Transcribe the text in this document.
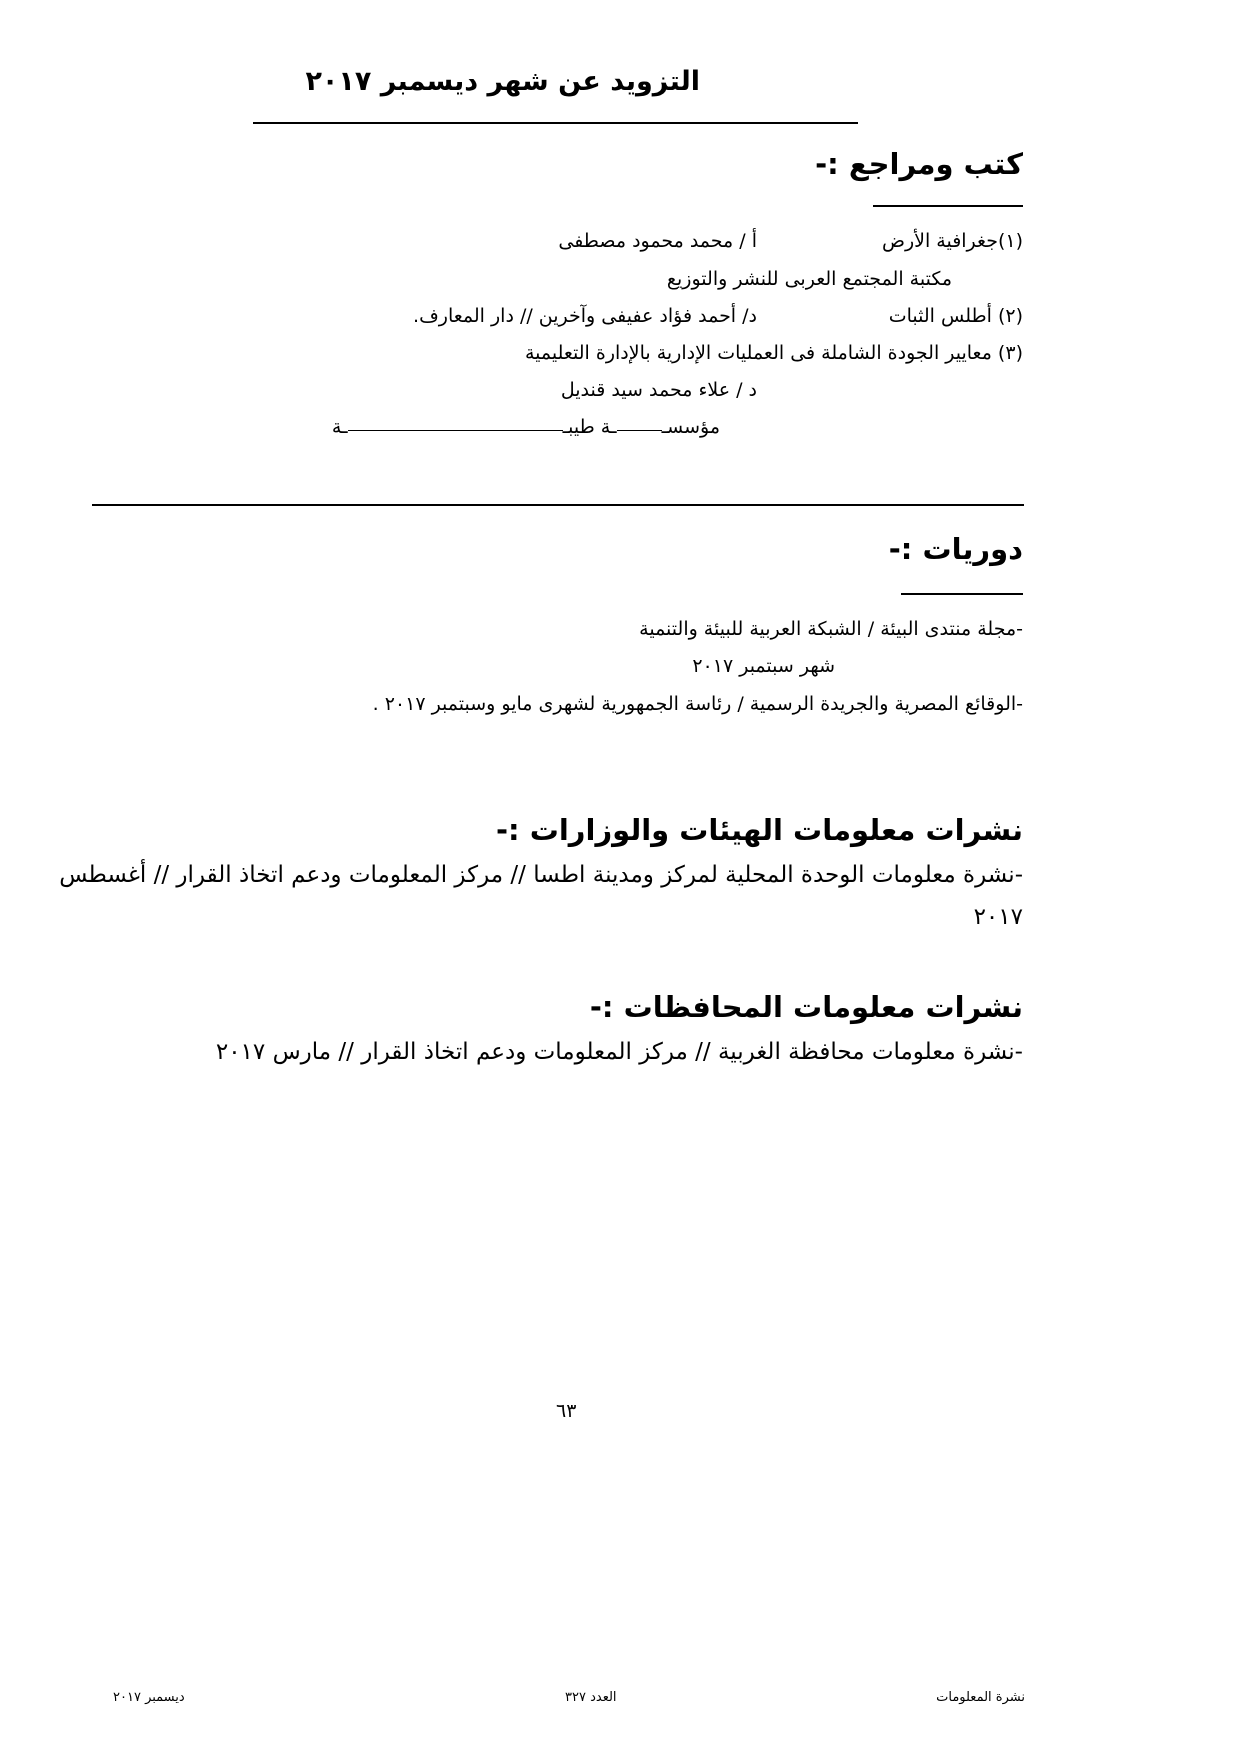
التزويد عن شهر ديسمبر ٢٠١٧
كتب ومراجع :-
(١)جغرافية الأرض
أ / محمد محمود مصطفى
مكتبة المجتمع العربى للنشر والتوزيع
(٢) أطلس الثبات
د/ أحمد فؤاد عفيفى وآخرين // دار المعارف.
(٣) معايير الجودة الشاملة فى العمليات الإدارية بالإدارة التعليمية
د / علاء محمد سيد قنديل
مؤسســة طيبــة
دوريات :-
-مجلة منتدى البيئة / الشبكة العربية للبيئة والتنمية
شهر سبتمبر ٢٠١٧
-الوقائع المصرية والجريدة الرسمية / رئاسة الجمهورية لشهرى مايو وسبتمبر ٢٠١٧ .
نشرات معلومات الهيئات والوزارات :-
-نشرة معلومات الوحدة المحلية لمركز ومدينة اطسا // مركز المعلومات ودعم اتخاذ القرار // أغسطس
٢٠١٧
نشرات معلومات المحافظات :-
-نشرة معلومات محافظة الغربية // مركز المعلومات ودعم اتخاذ القرار // مارس ٢٠١٧
٦٣
نشرة المعلومات
العدد ٣٢٧
ديسمبر ٢٠١٧
